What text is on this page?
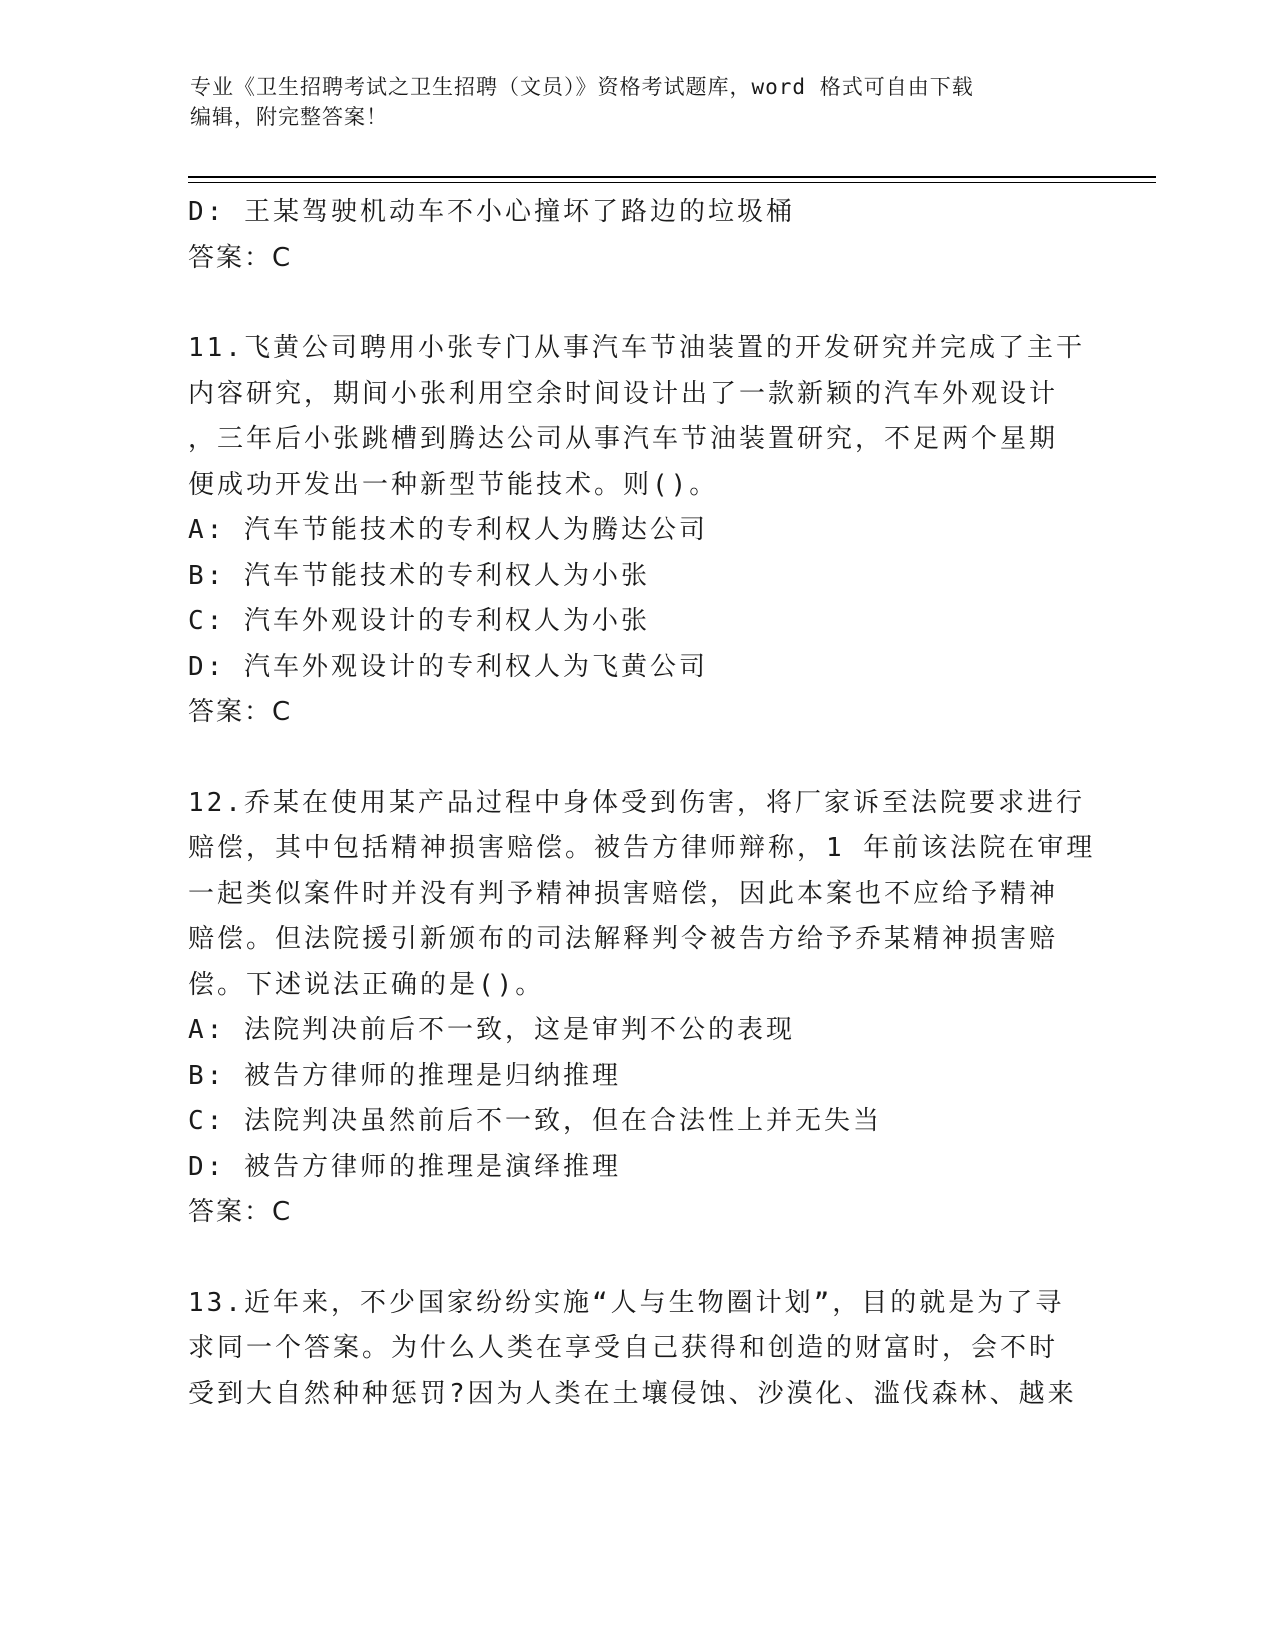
专业《卫生招聘考试之卫生招聘（文员）》资格考试题库，word 格式可自由下载
编辑，附完整答案！
D: 王某驾驶机动车不小心撞坏了路边的垃圾桶
答案：C
11.飞黄公司聘用小张专门从事汽车节油装置的开发研究并完成了主干
内容研究，期间小张利用空余时间设计出了一款新颖的汽车外观设计
，三年后小张跳槽到腾达公司从事汽车节油装置研究，不足两个星期
便成功开发出一种新型节能技术。则()。
A: 汽车节能技术的专利权人为腾达公司
B: 汽车节能技术的专利权人为小张
C: 汽车外观设计的专利权人为小张
D: 汽车外观设计的专利权人为飞黄公司
答案：C
12.乔某在使用某产品过程中身体受到伤害，将厂家诉至法院要求进行
赔偿，其中包括精神损害赔偿。被告方律师辩称，1 年前该法院在审理
一起类似案件时并没有判予精神损害赔偿，因此本案也不应给予精神
赔偿。但法院援引新颁布的司法解释判令被告方给予乔某精神损害赔
偿。下述说法正确的是()。
A: 法院判决前后不一致，这是审判不公的表现
B: 被告方律师的推理是归纳推理
C: 法院判决虽然前后不一致，但在合法性上并无失当
D: 被告方律师的推理是演绎推理
答案：C
13.近年来，不少国家纷纷实施“人与生物圈计划”，目的就是为了寻
求同一个答案。为什么人类在享受自己获得和创造的财富时，会不时
受到大自然种种惩罚?因为人类在土壤侵蚀、沙漠化、滥伐森林、越来
